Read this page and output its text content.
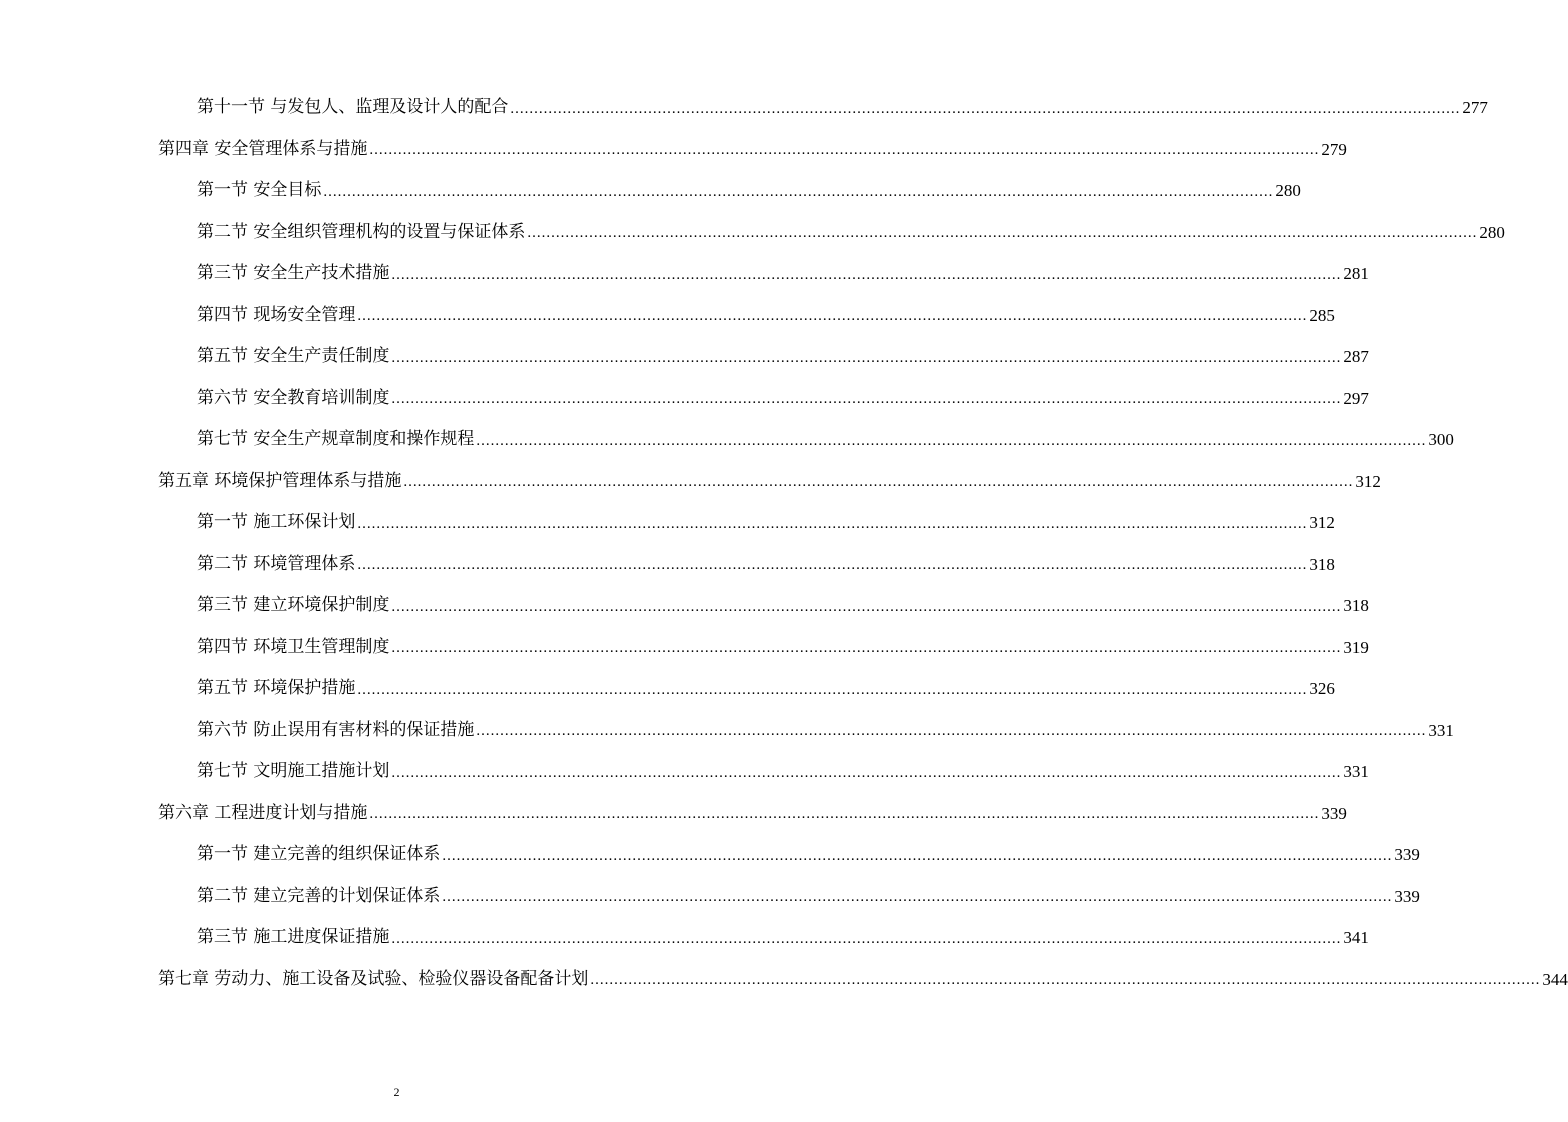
第十一节 与发包人、监理及设计人的配合 ........................................................................................................................................................................................................ 277
第四章 安全管理体系与措施 ........................................................................................................................................................................................................ 279
第一节 安全目标 ........................................................................................................................................................................................................ 280
第二节 安全组织管理机构的设置与保证体系 ........................................................................................................................................................................................................ 280
第三节 安全生产技术措施 ........................................................................................................................................................................................................ 281
第四节 现场安全管理 ........................................................................................................................................................................................................ 285
第五节 安全生产责任制度 ........................................................................................................................................................................................................ 287
第六节 安全教育培训制度 ........................................................................................................................................................................................................ 297
第七节 安全生产规章制度和操作规程 ........................................................................................................................................................................................................ 300
第五章 环境保护管理体系与措施 ........................................................................................................................................................................................................ 312
第一节 施工环保计划 ........................................................................................................................................................................................................ 312
第二节 环境管理体系 ........................................................................................................................................................................................................ 318
第三节 建立环境保护制度 ........................................................................................................................................................................................................ 318
第四节 环境卫生管理制度 ........................................................................................................................................................................................................ 319
第五节 环境保护措施 ........................................................................................................................................................................................................ 326
第六节 防止误用有害材料的保证措施 ........................................................................................................................................................................................................ 331
第七节 文明施工措施计划 ........................................................................................................................................................................................................ 331
第六章 工程进度计划与措施 ........................................................................................................................................................................................................ 339
第一节 建立完善的组织保证体系 ........................................................................................................................................................................................................ 339
第二节 建立完善的计划保证体系 ........................................................................................................................................................................................................ 339
第三节 施工进度保证措施 ........................................................................................................................................................................................................ 341
第七章 劳动力、施工设备及试验、检验仪器设备配备计划 ........................................................................................................................................................................................................ 344
2
